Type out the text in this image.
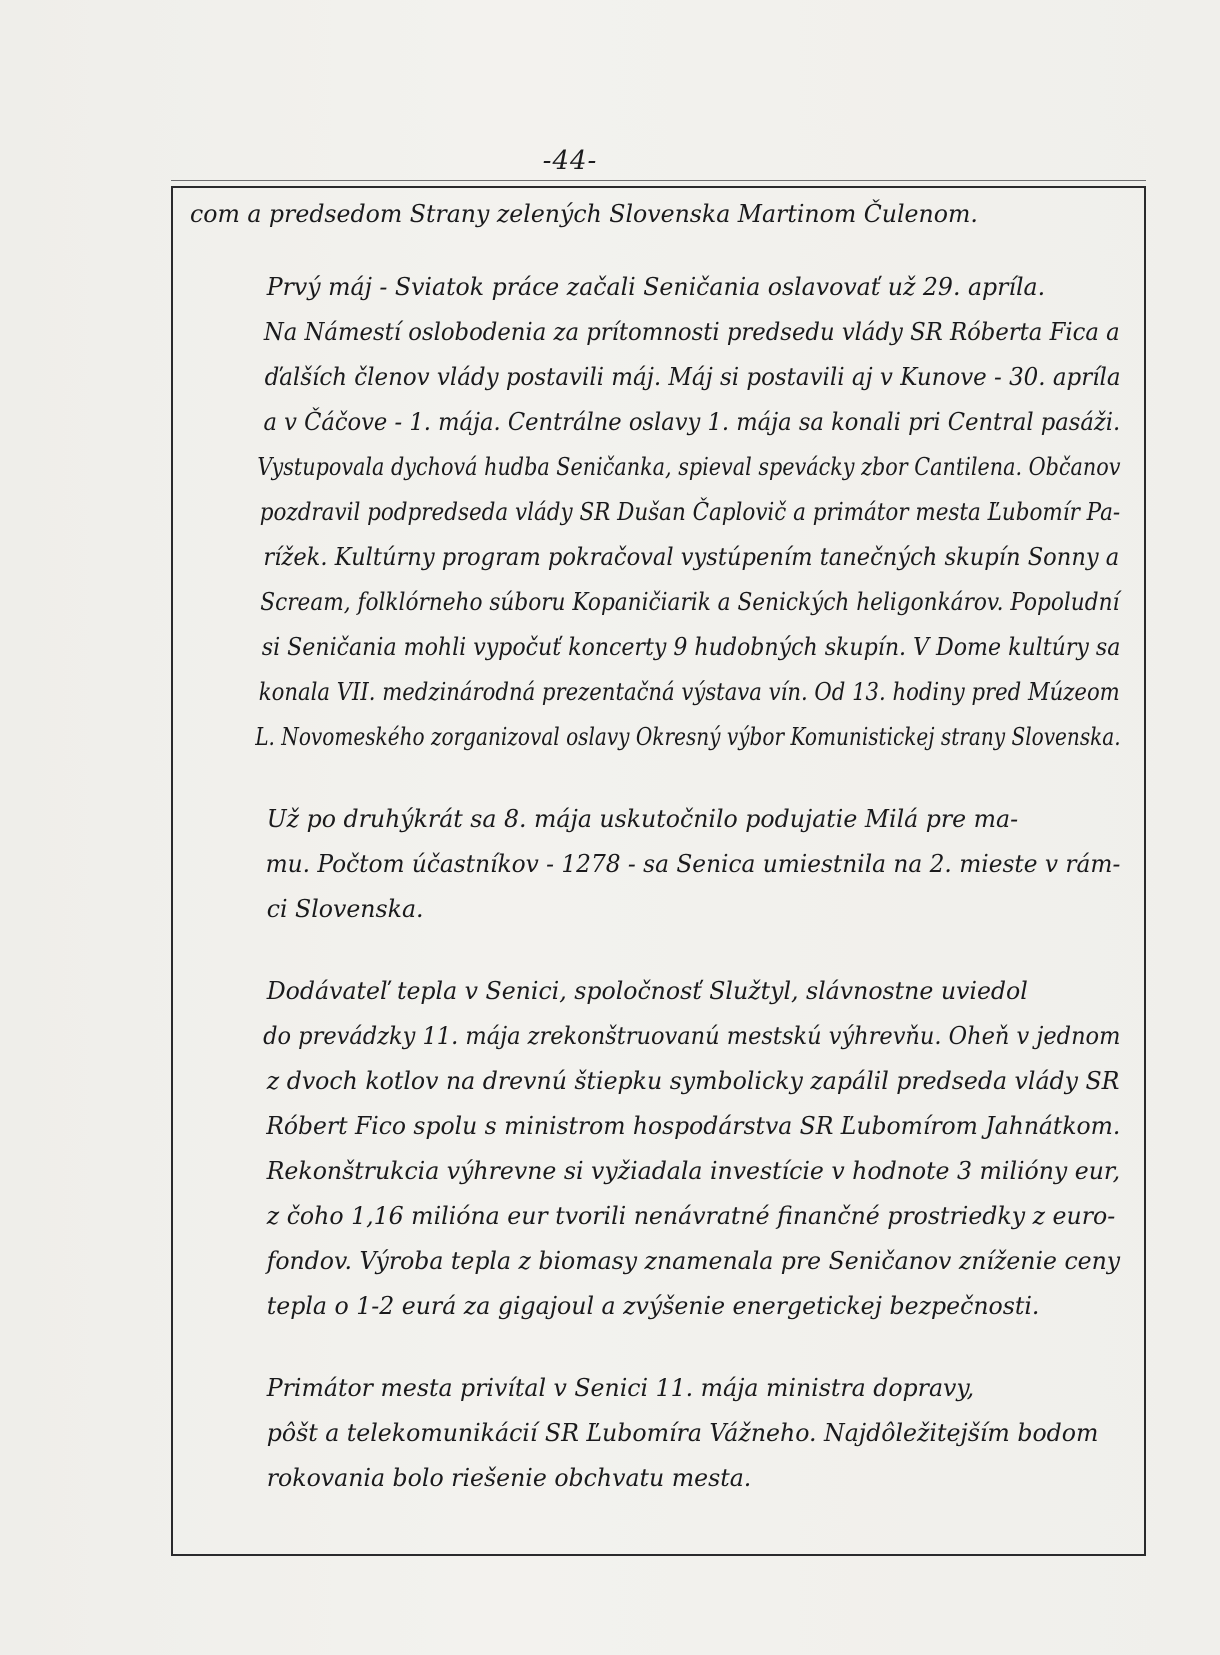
-44-
com a predsedom Strany zelených Slovenska Martinom Čulenom.
Prvý máj - Sviatok práce začali Seničania oslavovať už 29. apríla.
Na Námestí oslobodenia za prítomnosti predsedu vlády SR Róberta Fica a
ďalších členov vlády postavili máj. Máj si postavili aj v Kunove - 30. apríla
a v Čáčove - 1. mája. Centrálne oslavy 1. mája sa konali pri Central pasáži.
Vystupovala dychová hudba Seničanka, spieval spevácky zbor Cantilena. Občanov
pozdravil podpredseda vlády SR Dušan Čaplovič a primátor mesta Ľubomír Pa-
rížek. Kultúrny program pokračoval vystúpením tanečných skupín Sonny a
Scream, folklórneho súboru Kopaničiarik a Senických heligonkárov. Popoludní
si Seničania mohli vypočuť koncerty 9 hudobných skupín. V Dome kultúry sa
konala VII. medzinárodná prezentačná výstava vín. Od 13. hodiny pred Múzeom
L. Novomeského zorganizoval oslavy Okresný výbor Komunistickej strany Slovenska.
Už po druhýkrát sa 8. mája uskutočnilo podujatie Milá pre ma-
mu. Počtom účastníkov - 1278 - sa Senica umiestnila na 2. mieste v rám-
ci Slovenska.
Dodávateľ tepla v Senici, spoločnosť Služtyl, slávnostne uviedol
do prevádzky 11. mája zrekonštruovanú mestskú výhrevňu. Oheň v jednom
z dvoch kotlov na drevnú štiepku symbolicky zapálil predseda vlády SR
Róbert Fico spolu s ministrom hospodárstva SR Ľubomírom Jahnátkom.
Rekonštrukcia výhrevne si vyžiadala investície v hodnote 3 milióny eur,
z čoho 1,16 milióna eur tvorili nenávratné finančné prostriedky z euro-
fondov. Výroba tepla z biomasy znamenala pre Seničanov zníženie ceny
tepla o 1-2 eurá za gigajoul a zvýšenie energetickej bezpečnosti.
Primátor mesta privítal v Senici 11. mája ministra dopravy,
pôšt a telekomunikácií SR Ľubomíra Vážneho. Najdôležitejším bodom
rokovania bolo riešenie obchvatu mesta.
